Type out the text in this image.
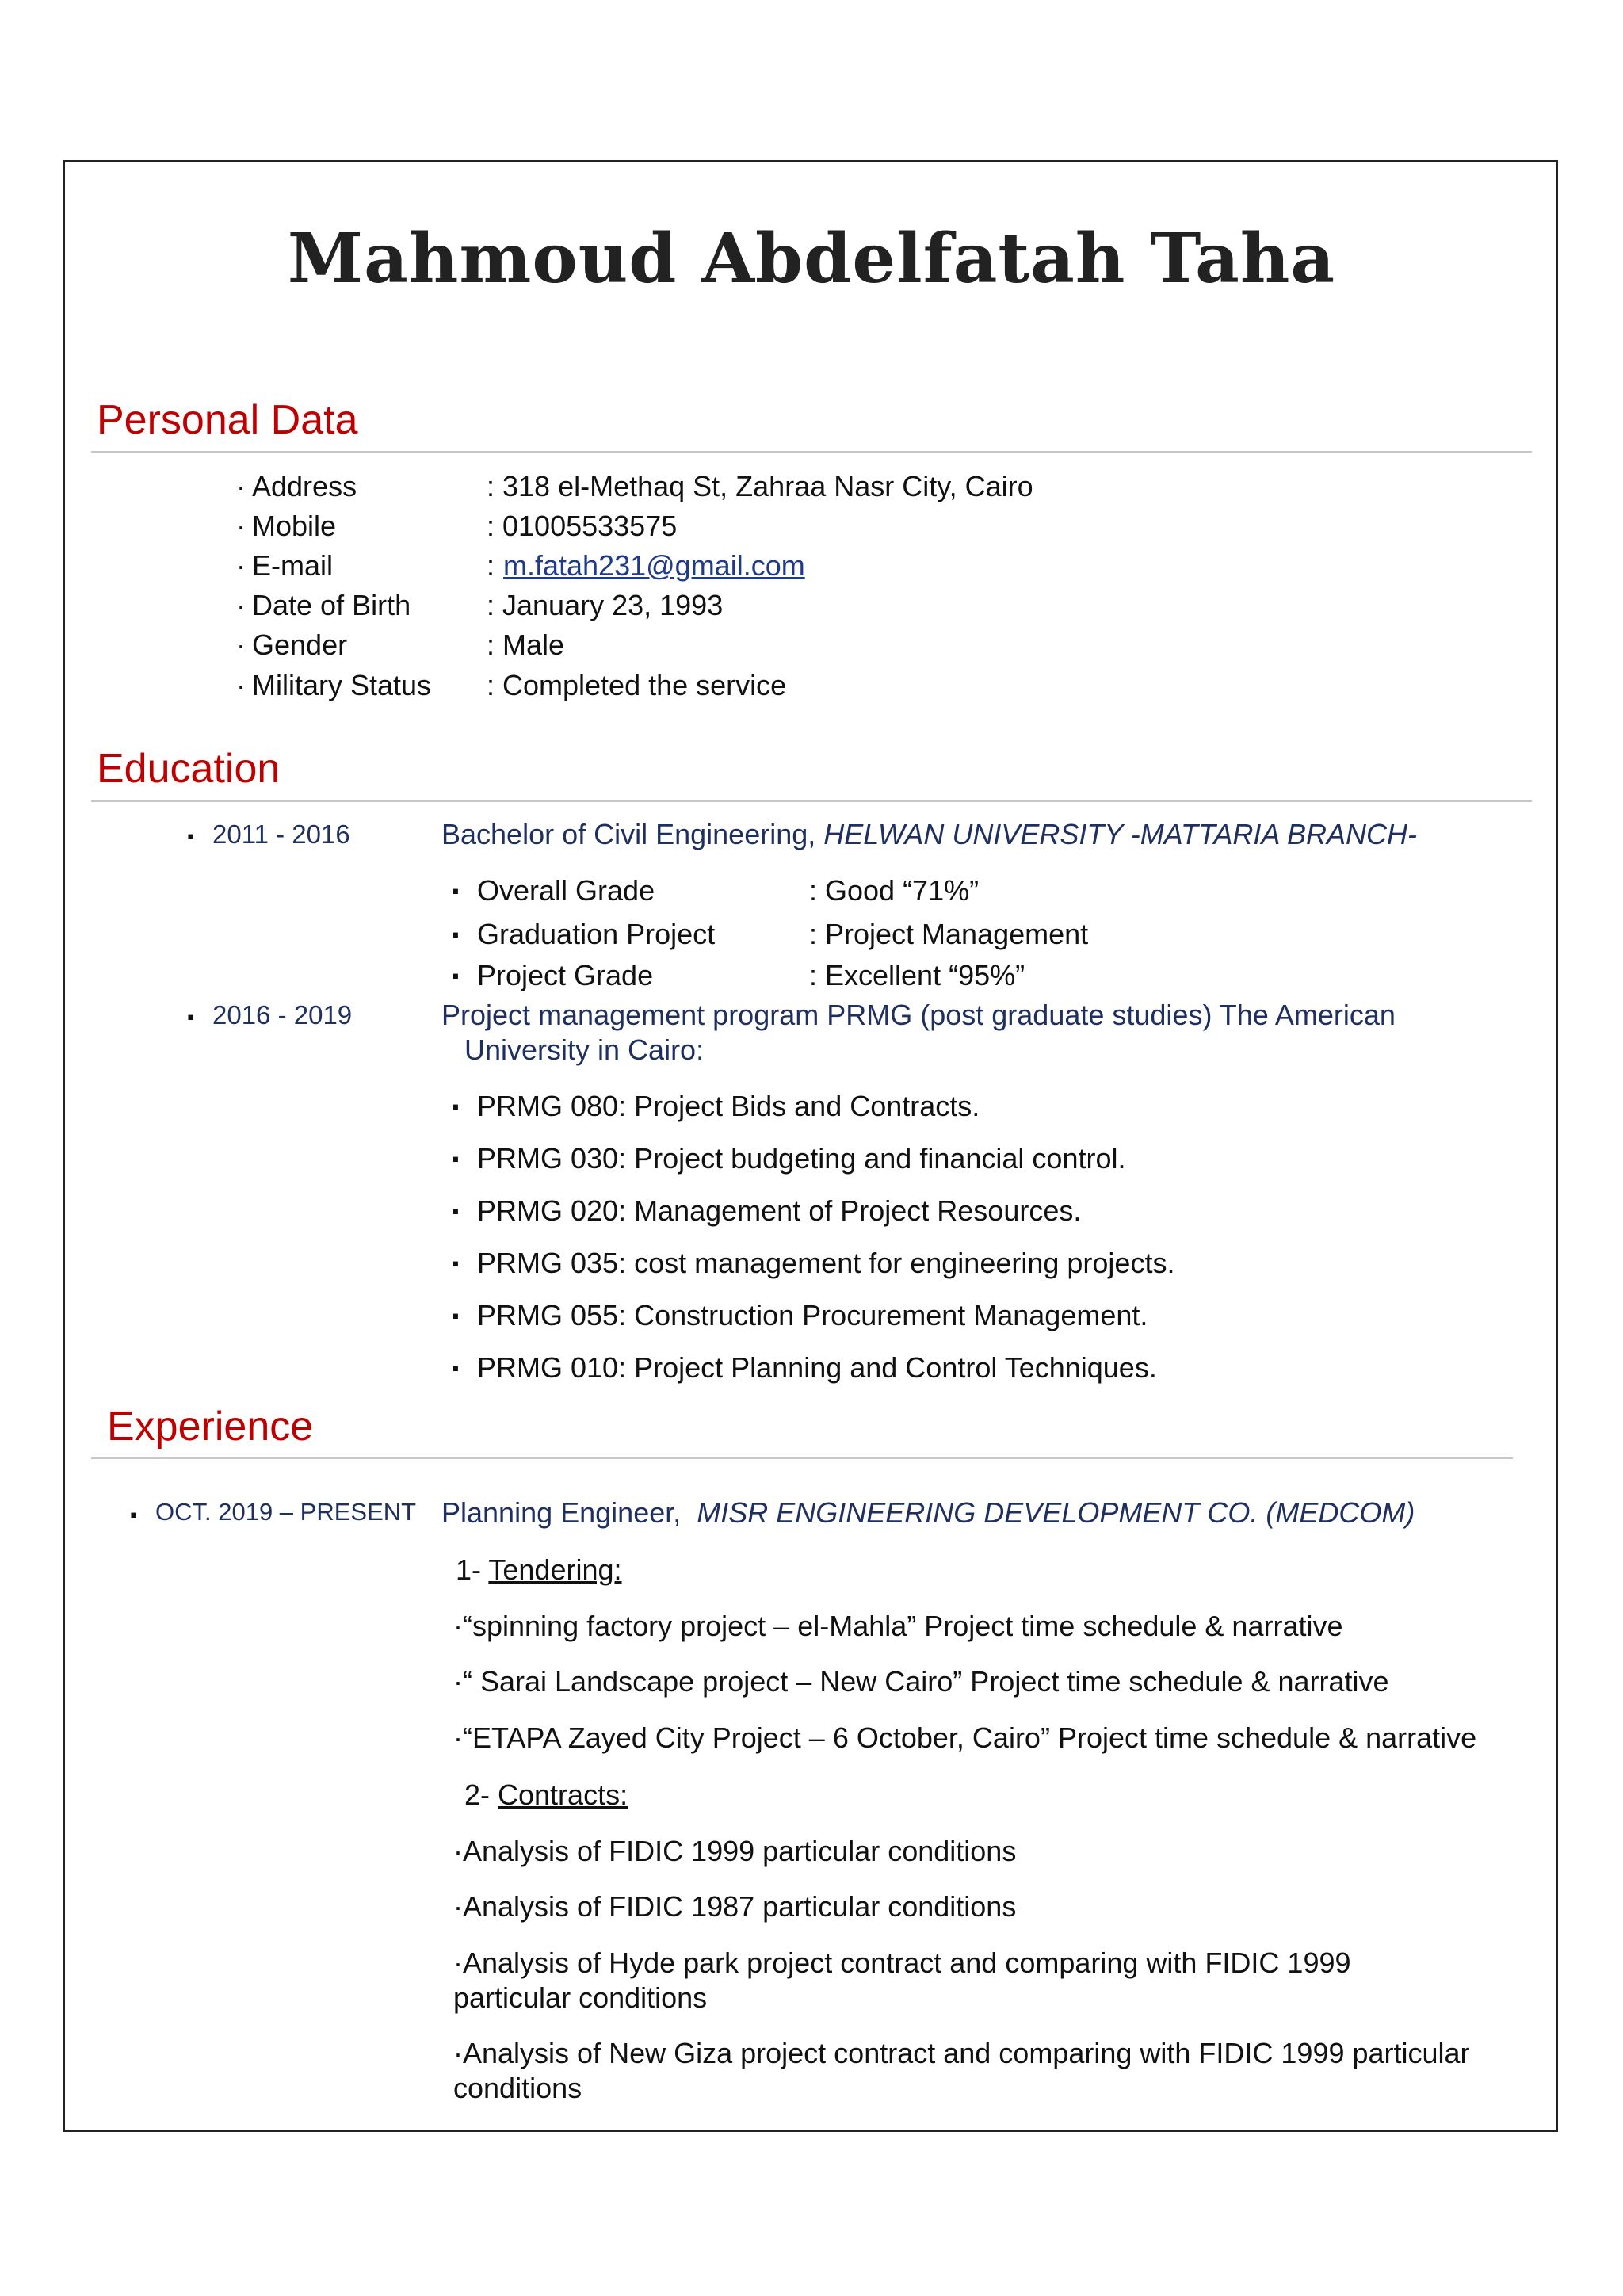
Mahmoud Abdelfatah Taha
Personal Data
· Address	: 318 el-Methaq St, Zahraa Nasr City, Cairo
· Mobile	: 01005533575
· E-mail	: m.fatah231@gmail.com
· Date of Birth	: January 23, 1993
· Gender	: Male
· Military Status : Completed the service
Education
▪ 2011 - 2016	Bachelor of Civil Engineering, HELWAN UNIVERSITY -MATTARIA BRANCH-
▪ Overall Grade	: Good “71%”
▪ Graduation Project	: Project Management
▪ Project Grade	: Excellent “95%”
▪ 2016 - 2019	Project management program PRMG (post graduate studies) The American
University in Cairo:
▪ PRMG 080: Project Bids and Contracts.
▪ PRMG 030: Project budgeting and financial control.
▪ PRMG 020: Management of Project Resources.
▪ PRMG 035: cost management for engineering projects.
▪ PRMG 055: Construction Procurement Management.
▪ PRMG 010: Project Planning and Control Techniques.
Experience
▪ OCT. 2019 – PRESENT Planning Engineer, MISR ENGINEERING DEVELOPMENT CO. (MEDCOM)
1- Tendering:
· “spinning factory project – el-Mahla” Project time schedule & narrative
· “ Sarai Landscape project – New Cairo” Project time schedule & narrative
· “ETAPA Zayed City Project – 6 October, Cairo” Project time schedule & narrative
2- Contracts:
·Analysis of FIDIC 1999 particular conditions
·Analysis of FIDIC 1987 particular conditions
·Analysis of Hyde park project contract and comparing with FIDIC 1999
particular conditions
·Analysis of New Giza project contract and comparing with FIDIC 1999 particular
conditions
